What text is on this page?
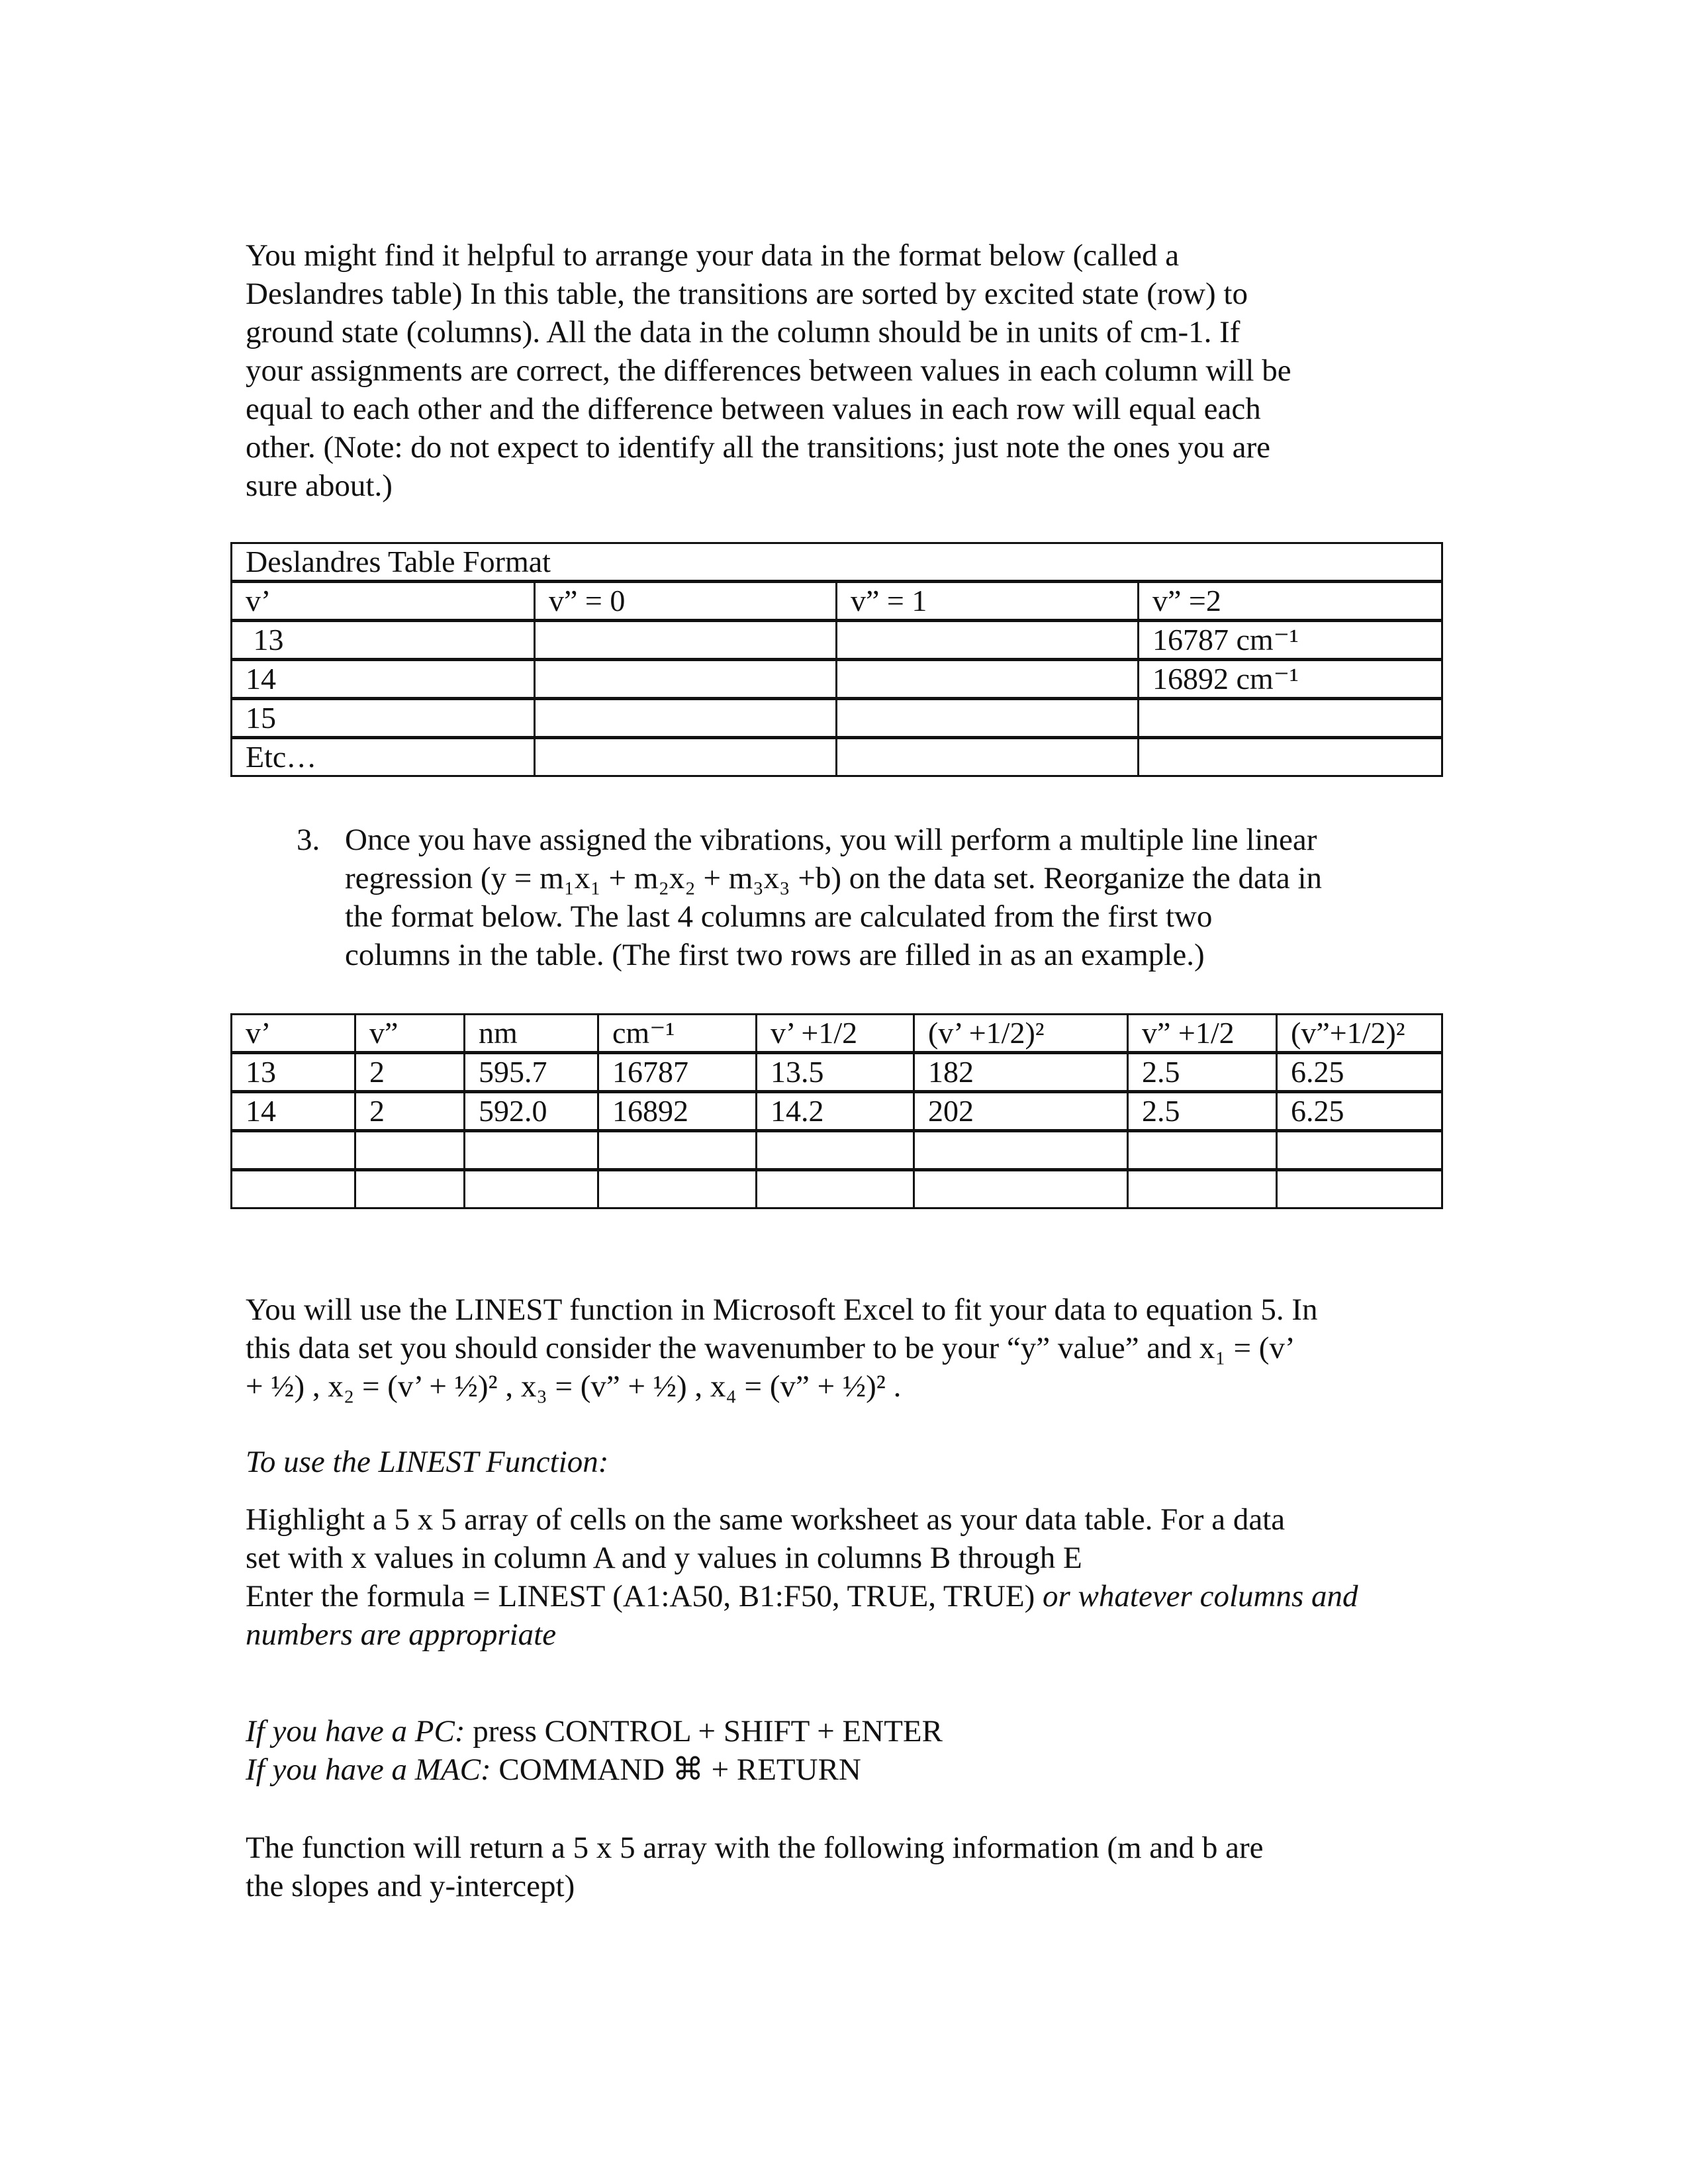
You might find it helpful to arrange your data in the format below (called a
Deslandres table) In this table, the transitions are sorted by excited state (row) to
ground state (columns). All the data in the column should be in units of cm-1. If
your assignments are correct, the differences between values in each column will be
equal to each other and the difference between values in each row will equal each
other. (Note: do not expect to identify all the transitions; just note the ones you are
sure about.)
Deslandres Table Format			
v’	v” = 0	v” = 1	v” =2
13			16787 cm⁻¹
14			16892 cm⁻¹
15			
Etc…			
3. Once you have assigned the vibrations, you will perform a multiple line linear
regression (y = m₁x₁ + m₂x₂ + m₃x₃ +b) on the data set. Reorganize the data in
the format below. The last 4 columns are calculated from the first two
columns in the table. (The first two rows are filled in as an example.)
v’	v”	nm	cm⁻¹	v’ +1/2	(v’ +1/2)²	v” +1/2	(v”+1/2)²
13	2	595.7	16787	13.5	182	2.5	6.25
14	2	592.0	16892	14.2	202	2.5	6.25

You will use the LINEST function in Microsoft Excel to fit your data to equation 5. In
this data set you should consider the wavenumber to be your “y” value” and x₁ = (v’
+ ½) , x₂ = (v’ + ½)² , x₃ = (v” + ½) , x₄ = (v” + ½)² .
To use the LINEST Function:
Highlight a 5 x 5 array of cells on the same worksheet as your data table. For a data
set with x values in column A and y values in columns B through E
Enter the formula = LINEST (A1:A50, B1:F50, TRUE, TRUE) or whatever columns and
numbers are appropriate
If you have a PC: press CONTROL + SHIFT + ENTER
If you have a MAC: COMMAND ⌘ + RETURN
The function will return a 5 x 5 array with the following information (m and b are
the slopes and y-intercept)
